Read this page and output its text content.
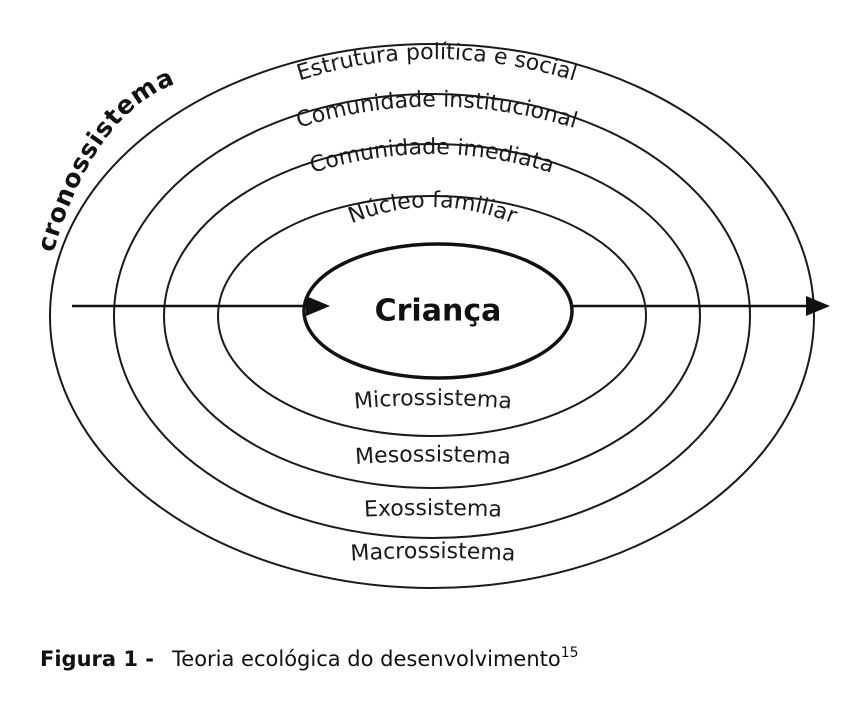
Criança
cronossistema
Núcleo familiar
Comunidade imediata
Comunidade institucional
Estrutura política e social
Microssistema
Mesossistema
Exossistema
Macrossistema
Figura 1 - Teoria ecológica do desenvolvimento$^{15}$
